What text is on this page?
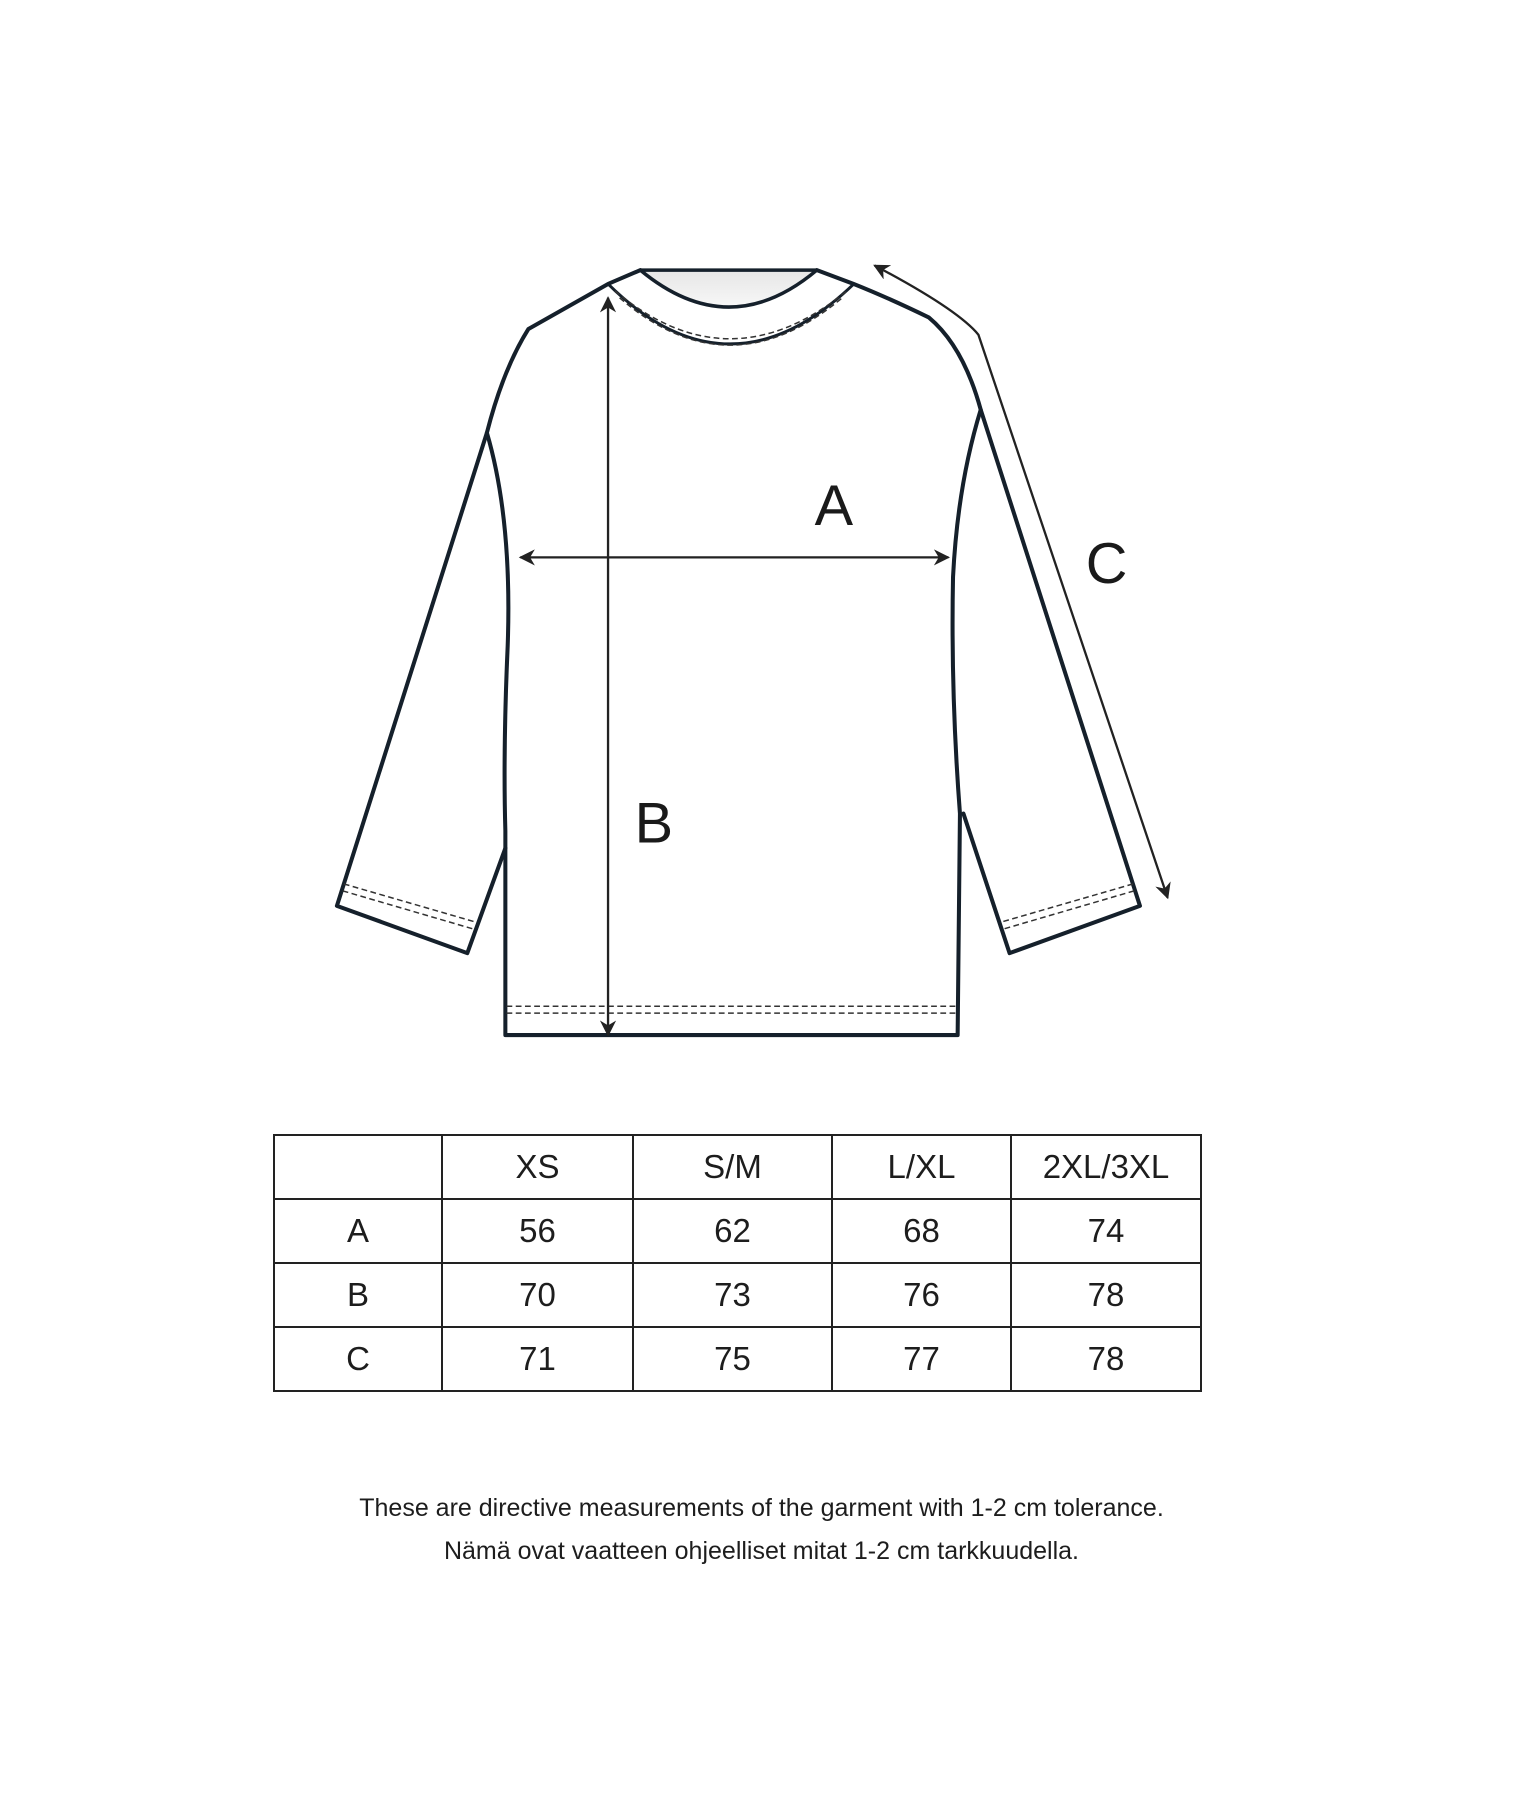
A
B
C
	XS	S/M	L/XL	2XL/3XL
A	56	62	68	74
B	70	73	76	78
C	71	75	77	78
These are directive measurements of the garment with 1-2 cm tolerance.
Nämä ovat vaatteen ohjeelliset mitat 1-2 cm tarkkuudella.
